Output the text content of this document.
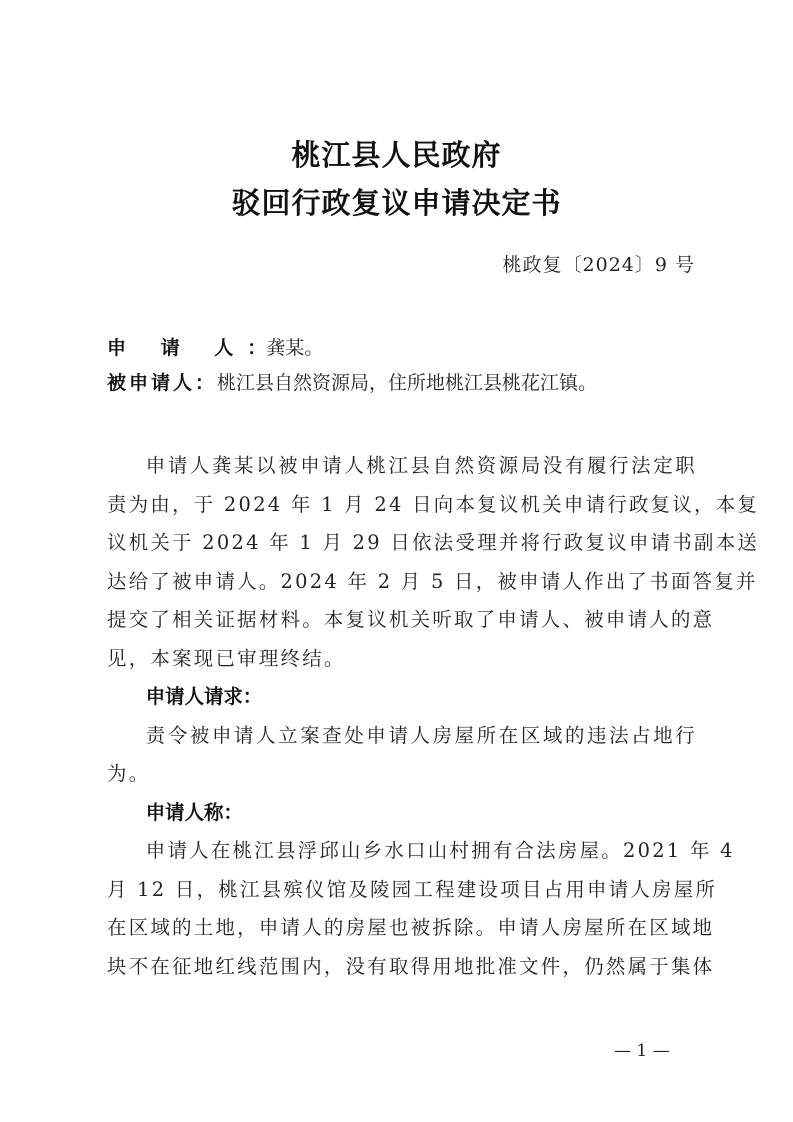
桃江县人民政府
驳回行政复议申请决定书
桃政复〔2024〕9 号
申 请 人：龚某。
被申请人：桃江县自然资源局，住所地桃江县桃花江镇。

申请人龚某以被申请人桃江县自然资源局没有履行法定职
责为由，于 2024 年 1 月 24 日向本复议机关申请行政复议，本复
议机关于 2024 年 1 月 29 日依法受理并将行政复议申请书副本送
达给了被申请人。2024 年 2 月 5 日，被申请人作出了书面答复并
提交了相关证据材料。本复议机关听取了申请人、被申请人的意
见，本案现已审理终结。

申请人请求：

责令被申请人立案查处申请人房屋所在区域的违法占地行
为。

申请人称：

申请人在桃江县浮邱山乡水口山村拥有合法房屋。2021 年 4
月 12 日，桃江县殡仪馆及陵园工程建设项目占用申请人房屋所
在区域的土地，申请人的房屋也被拆除。申请人房屋所在区域地
块不在征地红线范围内，没有取得用地批准文件，仍然属于集体

— 1 —
